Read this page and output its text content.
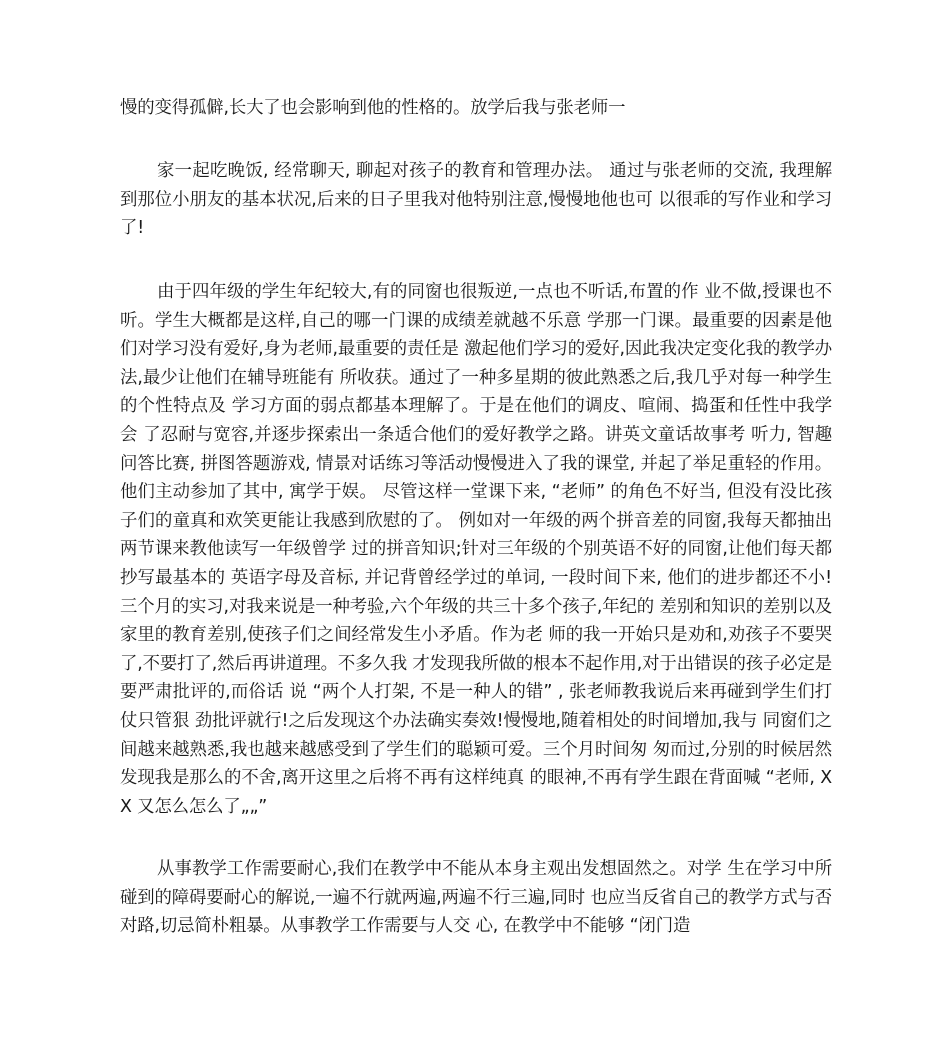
慢的变得孤僻,长大了也会影响到他的性格的。放学后我与张老师一

家一起吃晚饭, 经常聊天, 聊起对孩子的教育和管理办法。 通过与张老师的交流, 我理解到那位小朋友的基本状况,后来的日子里我对他特别注意,慢慢地他也可 以很乖的写作业和学习了!

由于四年级的学生年纪较大,有的同窗也很叛逆,一点也不听话,布置的作 业不做,授课也不听。学生大概都是这样,自己的哪一门课的成绩差就越不乐意 学那一门课。最重要的因素是他们对学习没有爱好,身为老师,最重要的责任是 激起他们学习的爱好,因此我决定变化我的教学办法,最少让他们在辅导班能有 所收获。通过了一种多星期的彼此熟悉之后,我几乎对每一种学生的个性特点及 学习方面的弱点都基本理解了。于是在他们的调皮、喧闹、捣蛋和任性中我学会 了忍耐与宽容,并逐步探索出一条适合他们的爱好教学之路。讲英文童话故事考 听力, 智趣问答比赛, 拼图答题游戏, 情景对话练习等活动慢慢进入了我的课堂, 并起了举足重轻的作用。 他们主动参加了其中, 寓学于娱。 尽管这样一堂课下来, “老师” 的角色不好当, 但没有没比孩子们的童真和欢笑更能让我感到欣慰的了。 例如对一年级的两个拼音差的同窗,我每天都抽出两节课来教他读写一年级曾学 过的拼音知识;针对三年级的个别英语不好的同窗,让他们每天都抄写最基本的 英语字母及音标, 并记背曾经学过的单词, 一段时间下来, 他们的进步都还不小! 三个月的实习,对我来说是一种考验,六个年级的共三十多个孩子,年纪的 差别和知识的差别以及家里的教育差别,使孩子们之间经常发生小矛盾。作为老 师的我一开始只是劝和,劝孩子不要哭了,不要打了,然后再讲道理。不多久我 才发现我所做的根本不起作用,对于出错误的孩子必定是要严肃批评的,而俗话 说 “两个人打架, 不是一种人的错” , 张老师教我说后来再碰到学生们打仗只管狠 劲批评就行!之后发现这个办法确实奏效!慢慢地,随着相处的时间增加,我与 同窗们之间越来越熟悉,我也越来越感受到了学生们的聪颖可爱。三个月时间匆 匆而过,分别的时候居然发现我是那么的不舍,离开这里之后将不再有这样纯真 的眼神,不再有学生跟在背面喊 “老师, XX 又怎么怎么了„„”

从事教学工作需要耐心,我们在教学中不能从本身主观出发想固然之。对学 生在学习中所碰到的障碍要耐心的解说,一遍不行就两遍,两遍不行三遍,同时 也应当反省自己的教学方式与否对路,切忌简朴粗暴。从事教学工作需要与人交 心, 在教学中不能够 “闭门造
